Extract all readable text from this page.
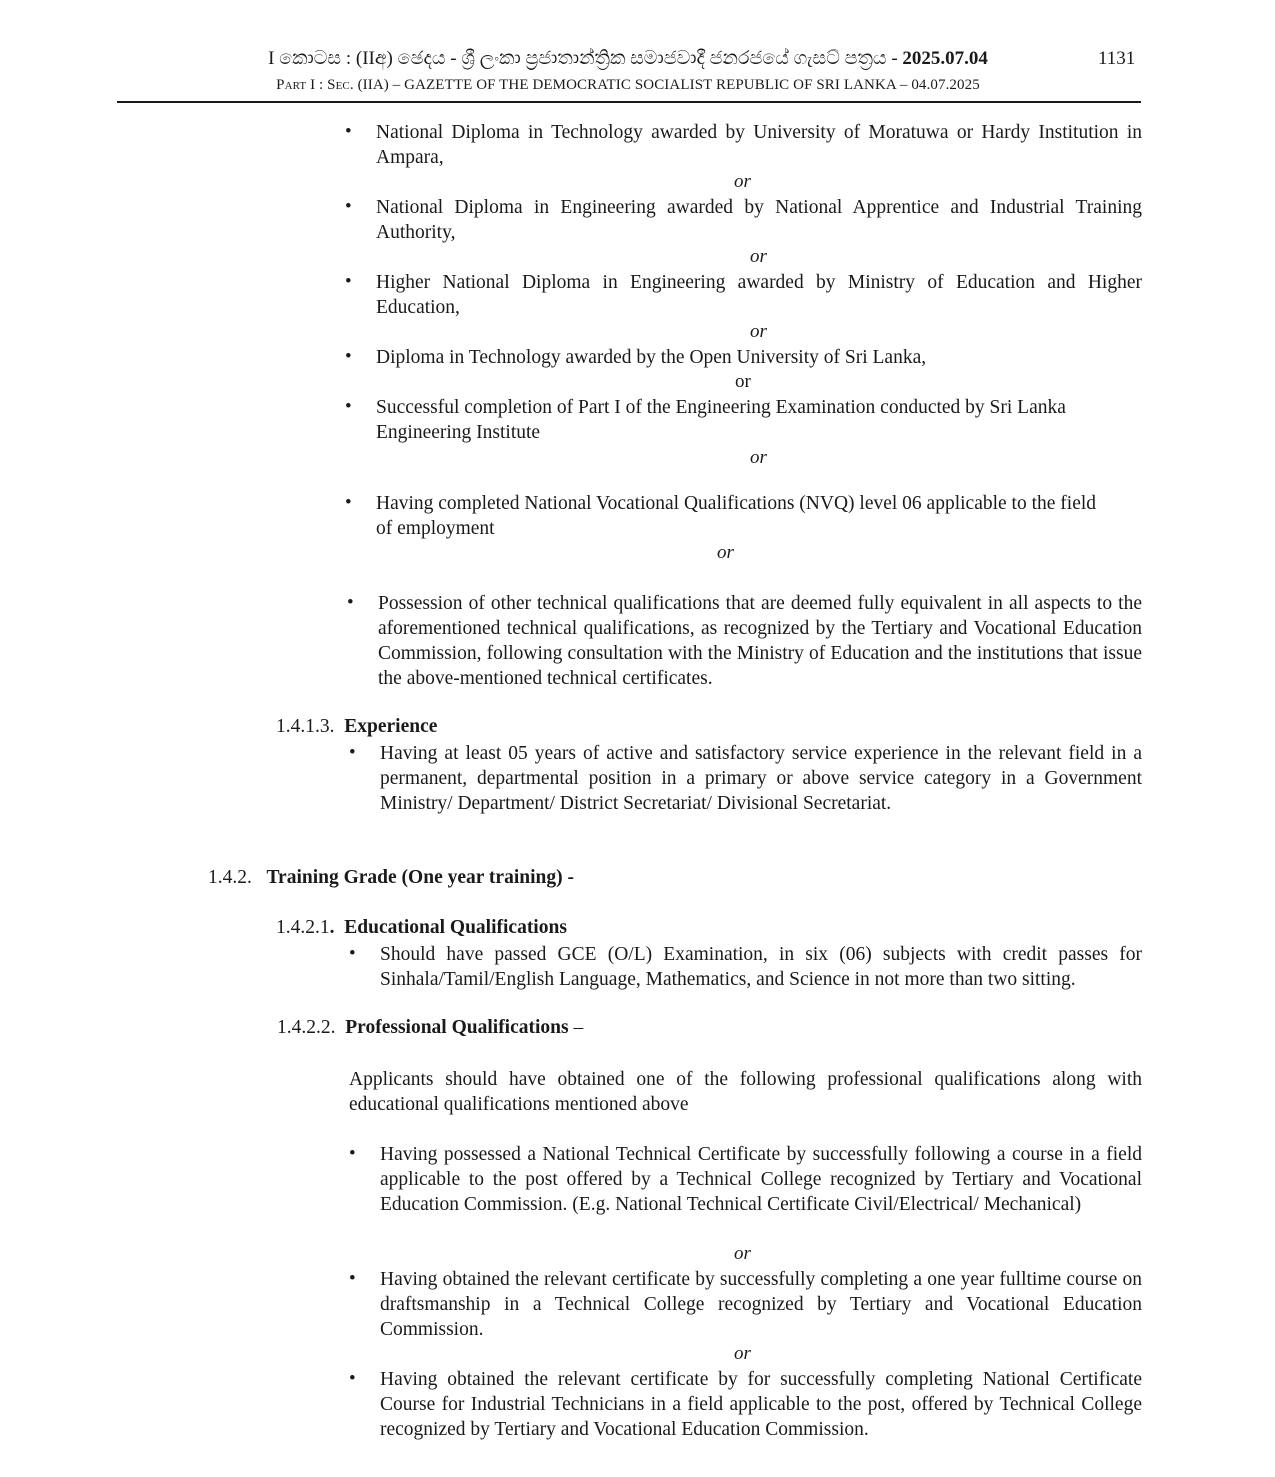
I කොටස : (IIඅ) ඡෙදය - ශ්‍රී ලංකා ප්‍රජාතාන්ත්‍රික සමාජවාදී ජනරජයේ ගැසට් පත්‍රය - 2025.07.04	1131
Part I : Sec. (IIA) – GAZETTE OF THE DEMOCRATIC SOCIALIST REPUBLIC OF SRI LANKA – 04.07.2025
• National Diploma in Technology awarded by University of Moratuwa or Hardy Institution in Ampara,
or
• National Diploma in Engineering awarded by National Apprentice and Industrial Training Authority,
or
• Higher National Diploma in Engineering awarded by Ministry of Education and Higher Education,
or
• Diploma in Technology awarded by the Open University of Sri Lanka,
or
• Successful completion of Part I of the Engineering Examination conducted by Sri Lanka Engineering Institute
or
• Having completed National Vocational Qualifications (NVQ) level 06 applicable to the field of employment
or
• Possession of other technical qualifications that are deemed fully equivalent in all aspects to the aforementioned technical qualifications, as recognized by the Tertiary and Vocational Education Commission, following consultation with the Ministry of Education and the institutions that issue the above-mentioned technical certificates.
1.4.1.3. Experience
• Having at least 05 years of active and satisfactory service experience in the relevant field in a permanent, departmental position in a primary or above service category in a Government Ministry/ Department/ District Secretariat/ Divisional Secretariat.
1.4.2. Training Grade (One year training) -
1.4.2.1. Educational Qualifications
• Should have passed GCE (O/L) Examination, in six (06) subjects with credit passes for Sinhala/Tamil/English Language, Mathematics, and Science in not more than two sitting.
1.4.2.2. Professional Qualifications –
Applicants should have obtained one of the following professional qualifications along with educational qualifications mentioned above
• Having possessed a National Technical Certificate by successfully following a course in a field applicable to the post offered by a Technical College recognized by Tertiary and Vocational Education Commission. (E.g. National Technical Certificate Civil/Electrical/ Mechanical)
or
• Having obtained the relevant certificate by successfully completing a one year fulltime course on draftsmanship in a Technical College recognized by Tertiary and Vocational Education Commission.
or
• Having obtained the relevant certificate by for successfully completing National Certificate Course for Industrial Technicians in a field applicable to the post, offered by Technical College recognized by Tertiary and Vocational Education Commission.
